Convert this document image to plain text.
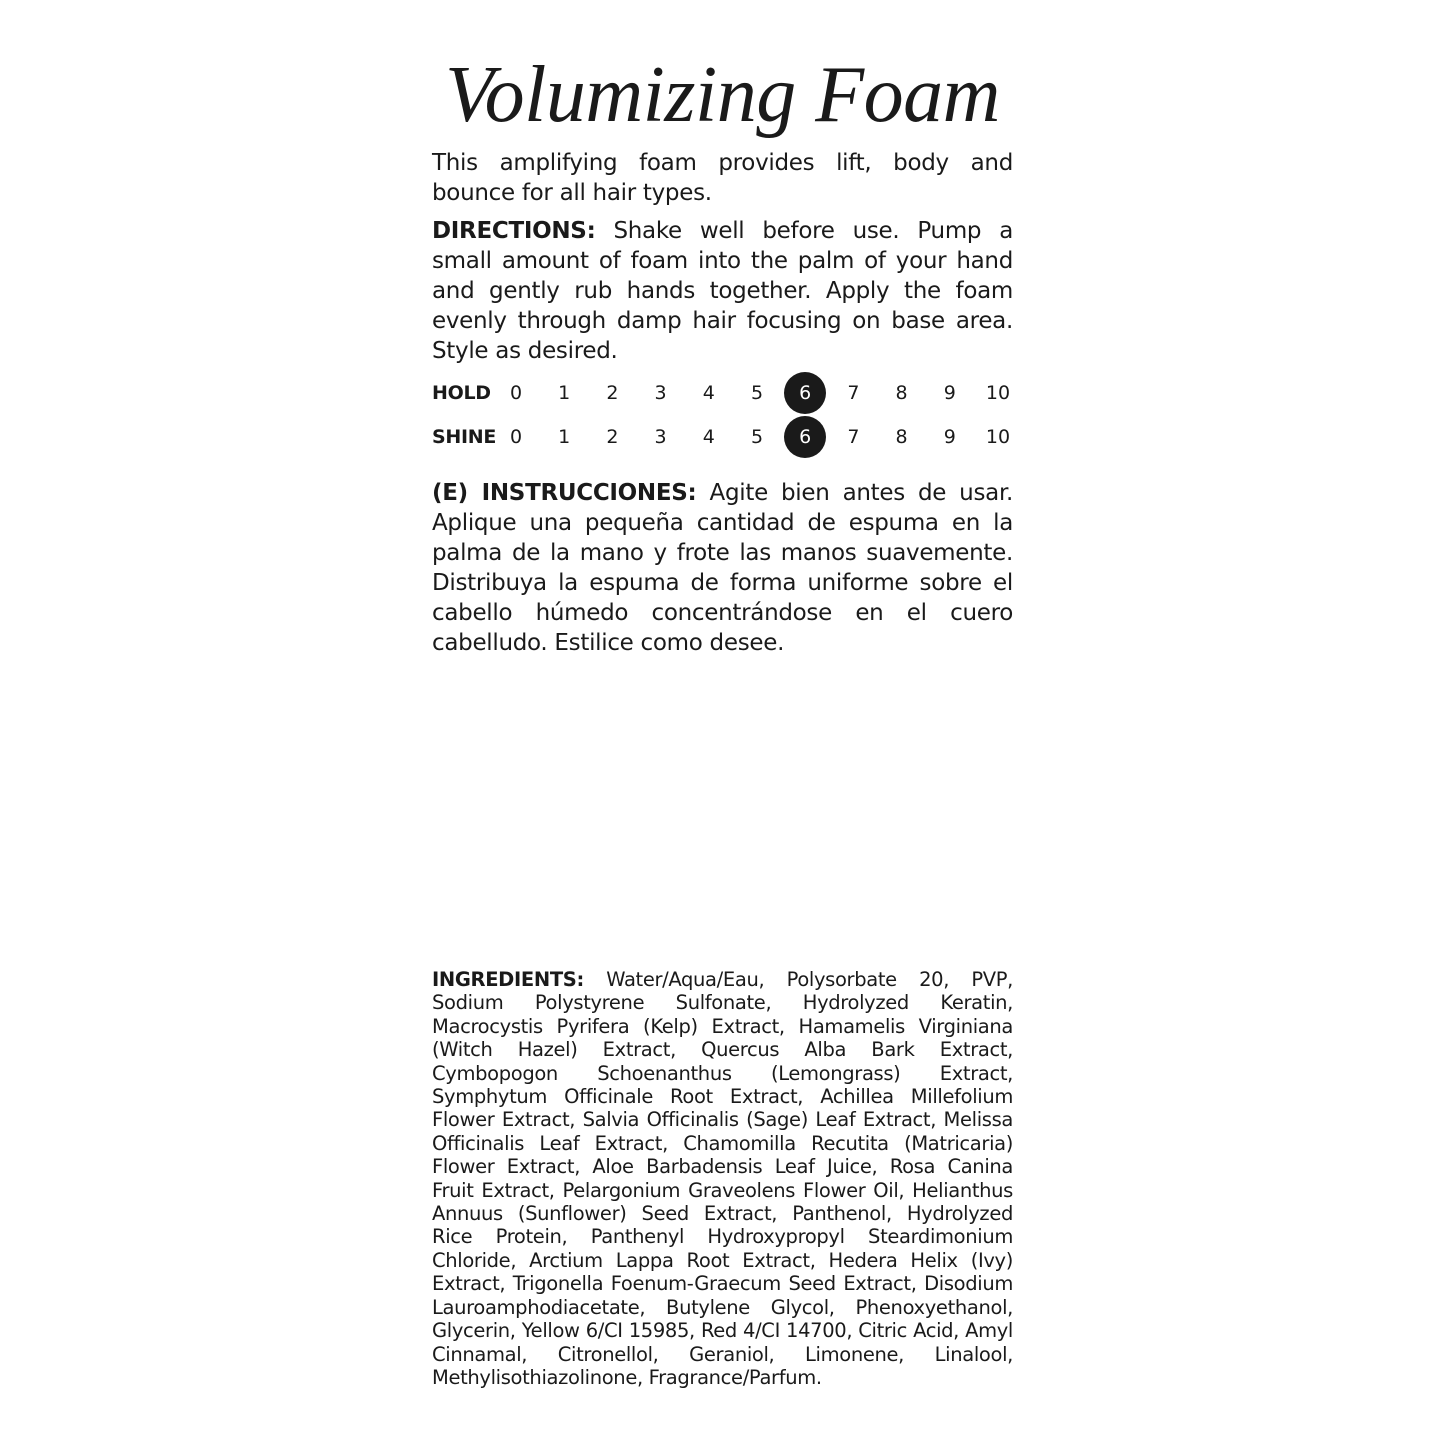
Volumizing Foam

This amplifying foam provides lift, body and bounce for all hair types.

DIRECTIONS: Shake well before use. Pump a small amount of foam into the palm of your hand and gently rub hands together. Apply the foam evenly through damp hair focusing on base area. Style as desired.

HOLD	0	1	2	3	4	5	6	7	8	9	10
SHINE 0	1	2	3	4	5	6	7	8	9	10

(E) INSTRUCCIONES: Agite bien antes de usar. Aplique una pequeña cantidad de espuma en la palma de la mano y frote las manos suavemente. Distribuya la espuma de forma uniforme sobre el cabello húmedo concentrándose en el cuero cabelludo. Estilice como desee.

INGREDIENTS: Water/Aqua/Eau, Polysorbate 20, PVP, Sodium Polystyrene Sulfonate, Hydrolyzed Keratin, Macrocystis Pyrifera (Kelp) Extract, Hamamelis Virginiana (Witch Hazel) Extract, Quercus Alba Bark Extract, Cymbopogon Schoenanthus (Lemongrass) Extract, Symphytum Officinale Root Extract, Achillea Millefolium Flower Extract, Salvia Officinalis (Sage) Leaf Extract, Melissa Officinalis Leaf Extract, Chamomilla Recutita (Matricaria) Flower Extract, Aloe Barbadensis Leaf Juice, Rosa Canina Fruit Extract, Pelargonium Graveolens Flower Oil, Helianthus Annuus (Sunflower) Seed Extract, Panthenol, Hydrolyzed Rice Protein, Panthenyl Hydroxypropyl Steardimonium Chloride, Arctium Lappa Root Extract, Hedera Helix (Ivy) Extract, Trigonella Foenum-Graecum Seed Extract, Disodium Lauroamphodiacetate, Butylene Glycol, Phenoxyethanol, Glycerin, Yellow 6/CI 15985, Red 4/CI 14700, Citric Acid, Amyl Cinnamal, Citronellol, Geraniol, Limonene, Linalool, Methylisothiazolinone, Fragrance/Parfum.
